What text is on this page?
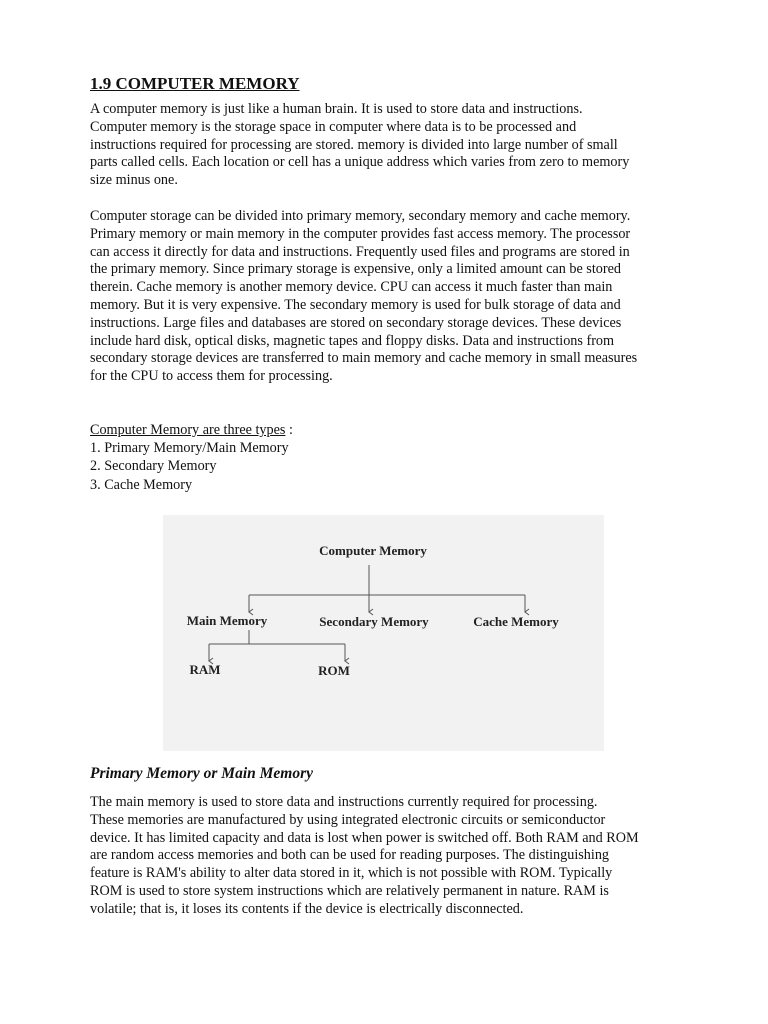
1.9 COMPUTER MEMORY

A computer memory is just like a human brain. It is used to store data and instructions.
Computer memory is the storage space in computer where data is to be processed and
instructions required for processing are stored. memory is divided into large number of small
parts called cells. Each location or cell has a unique address which varies from zero to memory
size minus one.

Computer storage can be divided into primary memory, secondary memory and cache memory.
Primary memory or main memory in the computer provides fast access memory. The processor
can access it directly for data and instructions. Frequently used files and programs are stored in
the primary memory. Since primary storage is expensive, only a limited amount can be stored
therein. Cache memory is another memory device. CPU can access it much faster than main
memory. But it is very expensive. The secondary memory is used for bulk storage of data and
instructions. Large files and databases are stored on secondary storage devices. These devices
include hard disk, optical disks, magnetic tapes and floppy disks. Data and instructions from
secondary storage devices are transferred to main memory and cache memory in small measures
for the CPU to access them for processing.

Computer Memory are three types :
1. Primary Memory/Main Memory
2. Secondary Memory
3. Cache Memory
Computer Memory
Main Memory	Secondary Memory	Cache Memory
RAM	ROM
Primary Memory or Main Memory

The main memory is used to store data and instructions currently required for processing.
These memories are manufactured by using integrated electronic circuits or semiconductor
device. It has limited capacity and data is lost when power is switched off. Both RAM and ROM
are random access memories and both can be used for reading purposes. The distinguishing
feature is RAM's ability to alter data stored in it, which is not possible with ROM. Typically
ROM is used to store system instructions which are relatively permanent in nature. RAM is
volatile; that is, it loses its contents if the device is electrically disconnected.
